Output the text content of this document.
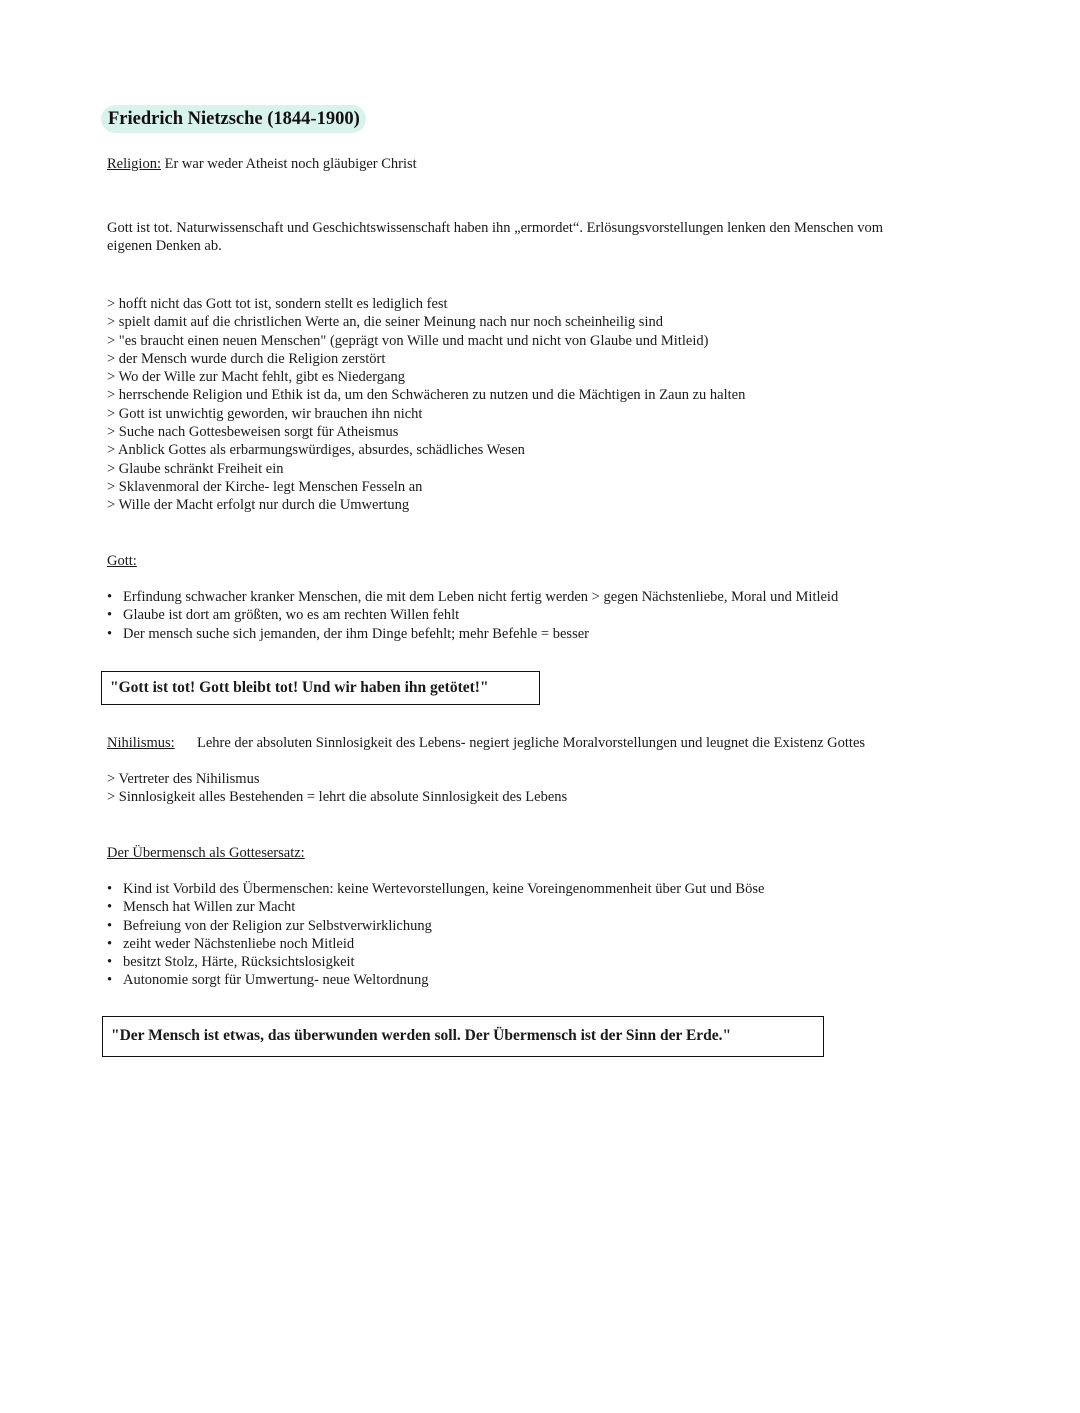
Friedrich Nietzsche (1844-1900)
Religion: Er war weder Atheist noch gläubiger Christ
Gott ist tot. Naturwissenschaft und Geschichtswissenschaft haben ihn „ermordet“. Erlösungsvorstellungen lenken den Menschen vom
eigenen Denken ab.
> hofft nicht das Gott tot ist, sondern stellt es lediglich fest
> spielt damit auf die christlichen Werte an, die seiner Meinung nach nur noch scheinheilig sind
> "es braucht einen neuen Menschen" (geprägt von Wille und macht und nicht von Glaube und Mitleid)
> der Mensch wurde durch die Religion zerstört
> Wo der Wille zur Macht fehlt, gibt es Niedergang
> herrschende Religion und Ethik ist da, um den Schwächeren zu nutzen und die Mächtigen in Zaun zu halten
> Gott ist unwichtig geworden, wir brauchen ihn nicht
> Suche nach Gottesbeweisen sorgt für Atheismus
> Anblick Gottes als erbarmungswürdiges, absurdes, schädliches Wesen
> Glaube schränkt Freiheit ein
> Sklavenmoral der Kirche- legt Menschen Fesseln an
> Wille der Macht erfolgt nur durch die Umwertung
Gott:
• Erfindung schwacher kranker Menschen, die mit dem Leben nicht fertig werden > gegen Nächstenliebe, Moral und Mitleid
• Glaube ist dort am größten, wo es am rechten Willen fehlt
• Der mensch suche sich jemanden, der ihm Dinge befehlt; mehr Befehle = besser
"Gott ist tot! Gott bleibt tot! Und wir haben ihn getötet!"
Nihilismus: Lehre der absoluten Sinnlosigkeit des Lebens- negiert jegliche Moralvorstellungen und leugnet die Existenz Gottes
> Vertreter des Nihilismus
> Sinnlosigkeit alles Bestehenden = lehrt die absolute Sinnlosigkeit des Lebens
Der Übermensch als Gottesersatz:
• Kind ist Vorbild des Übermenschen: keine Wertevorstellungen, keine Voreingenommenheit über Gut und Böse
• Mensch hat Willen zur Macht
• Befreiung von der Religion zur Selbstverwirklichung
• zeiht weder Nächstenliebe noch Mitleid
• besitzt Stolz, Härte, Rücksichtslosigkeit
• Autonomie sorgt für Umwertung- neue Weltordnung
"Der Mensch ist etwas, das überwunden werden soll. Der Übermensch ist der Sinn der Erde."
